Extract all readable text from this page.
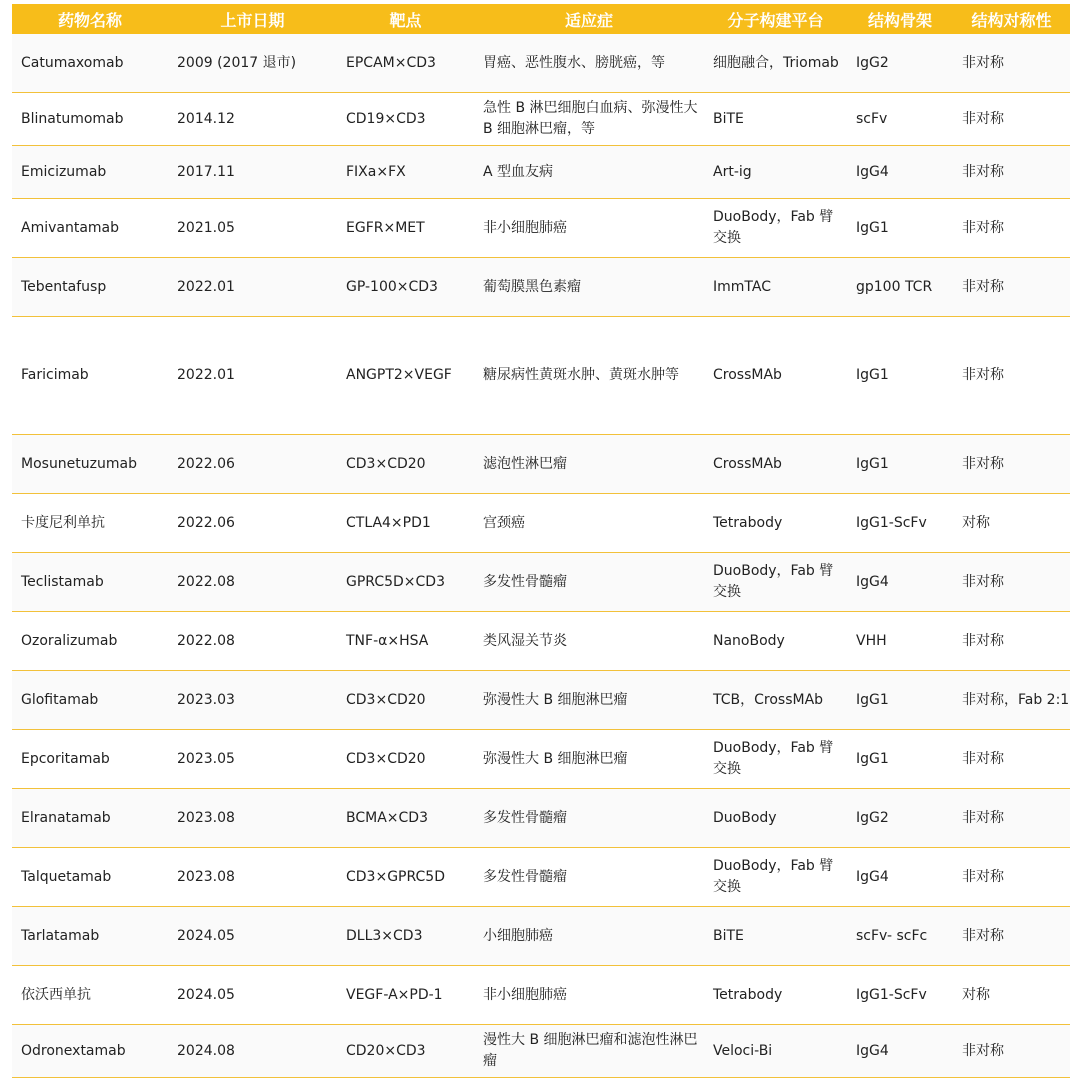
药物名称	上市日期	靶点	适应症	分子构建平台	结构骨架	结构对称性
Catumaxomab	2009 (2017 退市)	EPCAM×CD3	胃癌、恶性腹水、膀胱癌，等	细胞融合，Triomab	IgG2	非对称
Blinatumomab	2014.12	CD19×CD3	急性 B 淋巴细胞白血病、弥漫性大 B 细胞淋巴瘤，等	BiTE	scFv	非对称
Emicizumab	2017.11	FIXa×FX	A 型血友病	Art-ig	IgG4	非对称
Amivantamab	2021.05	EGFR×MET	非小细胞肺癌	DuoBody，Fab 臂交换	IgG1	非对称
Tebentafusp	2022.01	GP-100×CD3	葡萄膜黑色素瘤	ImmTAC	gp100 TCR	非对称
Faricimab	2022.01	ANGPT2×VEGF	糖尿病性黄斑水肿、黄斑水肿等	CrossMAb	IgG1	非对称
Mosunetuzumab	2022.06	CD3×CD20	滤泡性淋巴瘤	CrossMAb	IgG1	非对称
卡度尼利单抗	2022.06	CTLA4×PD1	宫颈癌	Tetrabody	IgG1-ScFv	对称
Teclistamab	2022.08	GPRC5D×CD3	多发性骨髓瘤	DuoBody，Fab 臂交换	IgG4	非对称
Ozoralizumab	2022.08	TNF-α×HSA	类风湿关节炎	NanoBody	VHH	非对称
Glofitamab	2023.03	CD3×CD20	弥漫性大 B 细胞淋巴瘤	TCB，CrossMAb	IgG1	非对称，Fab 2:1
Epcoritamab	2023.05	CD3×CD20	弥漫性大 B 细胞淋巴瘤	DuoBody，Fab 臂交换	IgG1	非对称
Elranatamab	2023.08	BCMA×CD3	多发性骨髓瘤	DuoBody	IgG2	非对称
Talquetamab	2023.08	CD3×GPRC5D	多发性骨髓瘤	DuoBody，Fab 臂交换	IgG4	非对称
Tarlatamab	2024.05	DLL3×CD3	小细胞肺癌	BiTE	scFv- scFc	非对称
依沃西单抗	2024.05	VEGF-A×PD-1	非小细胞肺癌	Tetrabody	IgG1-ScFv	对称
Odronextamab	2024.08	CD20×CD3	漫性大 B 细胞淋巴瘤和滤泡性淋巴瘤	Veloci-Bi	IgG4	非对称
